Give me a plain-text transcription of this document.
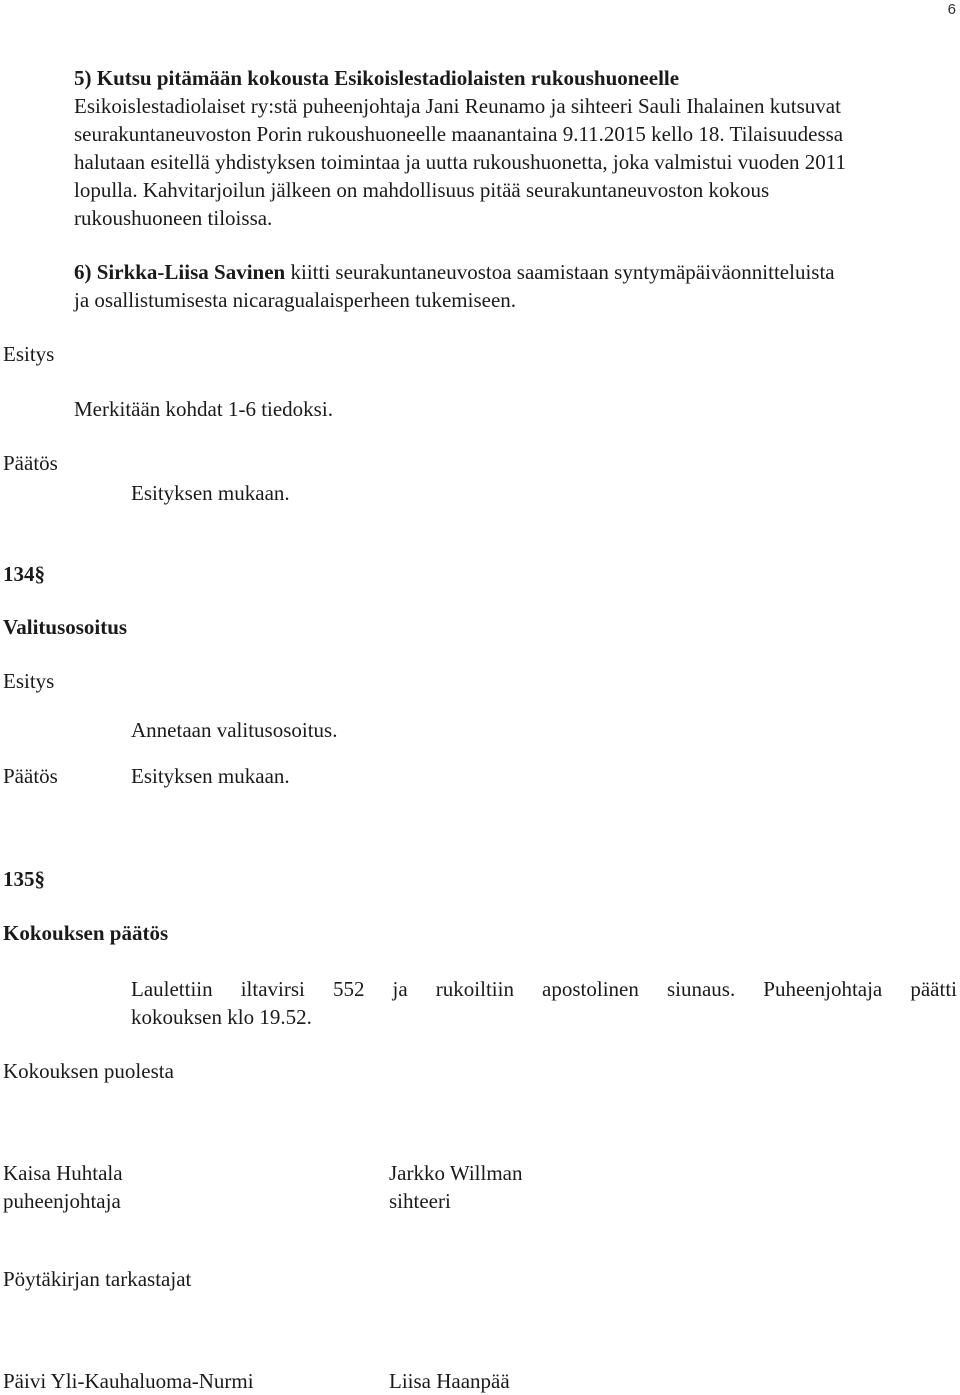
6
5) Kutsu pitämään kokousta Esikoislestadiolaisten rukoushuoneelle
Esikoislestadiolaiset ry:stä puheenjohtaja Jani Reunamo ja sihteeri Sauli Ihalainen kutsuvat
seurakuntaneuvoston Porin rukoushuoneelle maanantaina 9.11.2015 kello 18. Tilaisuudessa
halutaan esitellä yhdistyksen toimintaa ja uutta rukoushuonetta, joka valmistui vuoden 2011
lopulla. Kahvitarjoilun jälkeen on mahdollisuus pitää seurakuntaneuvoston kokous
rukoushuoneen tiloissa.
6) Sirkka-Liisa Savinen kiitti seurakuntaneuvostoa saamistaan syntymäpäiväonnitteluista
ja osallistumisesta nicaragualaisperheen tukemiseen.
Esitys
Merkitään kohdat 1-6 tiedoksi.
Päätös
Esityksen mukaan.
134§
Valitusosoitus
Esitys
Annetaan valitusosoitus.
Päätös	Esityksen mukaan.
135§
Kokouksen päätös
Laulettiin iltavirsi 552 ja rukoiltiin apostolinen siunaus. Puheenjohtaja päätti
kokouksen klo 19.52.
Kokouksen puolesta
Kaisa Huhtala
puheenjohtaja
Jarkko Willman
sihteeri
Pöytäkirjan tarkastajat
Päivi Yli-Kauhaluoma-Nurmi	Liisa Haanpää
